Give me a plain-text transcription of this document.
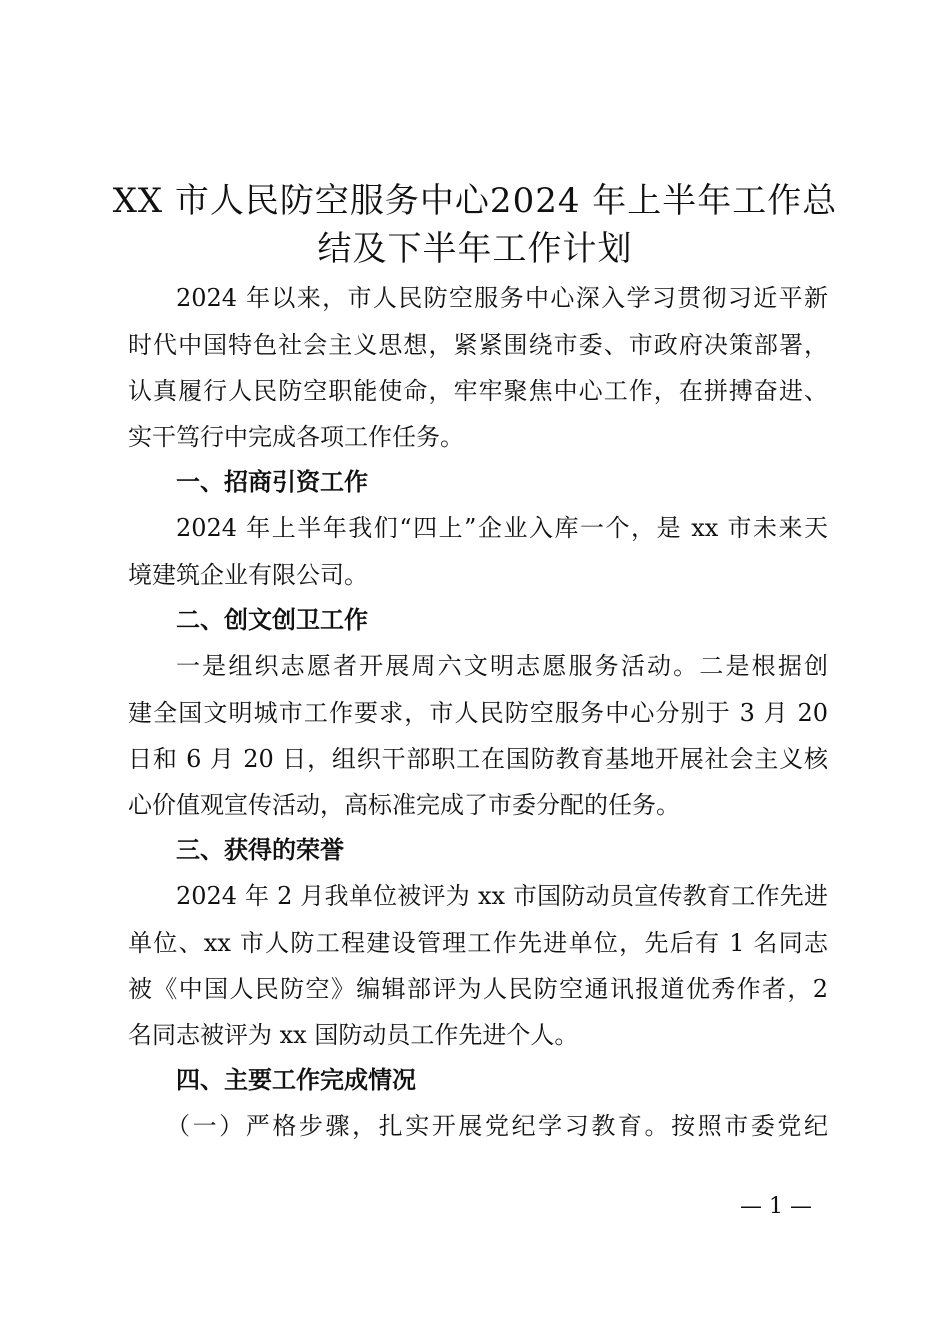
XX 市人民防空服务中心2024 年上半年工作总
结及下半年工作计划
2024 年以来，市人民防空服务中心深入学习贯彻习近平新
时代中国特色社会主义思想，紧紧围绕市委、市政府决策部署，
认真履行人民防空职能使命，牢牢聚焦中心工作，在拼搏奋进、
实干笃行中完成各项工作任务。
一、招商引资工作
2024 年上半年我们“四上”企业入库一个，是 xx 市未来天
境建筑企业有限公司。
二、创文创卫工作
一是组织志愿者开展周六文明志愿服务活动。二是根据创
建全国文明城市工作要求，市人民防空服务中心分别于 3 月 20
日和 6 月 20 日，组织干部职工在国防教育基地开展社会主义核
心价值观宣传活动，高标准完成了市委分配的任务。
三、获得的荣誉
2024 年 2 月我单位被评为 xx 市国防动员宣传教育工作先进
单位、xx 市人防工程建设管理工作先进单位，先后有 1 名同志
被《中国人民防空》编辑部评为人民防空通讯报道优秀作者，2
名同志被评为 xx 国防动员工作先进个人。
四、主要工作完成情况
（一）严格步骤，扎实开展党纪学习教育。按照市委党纪
— 1 —
